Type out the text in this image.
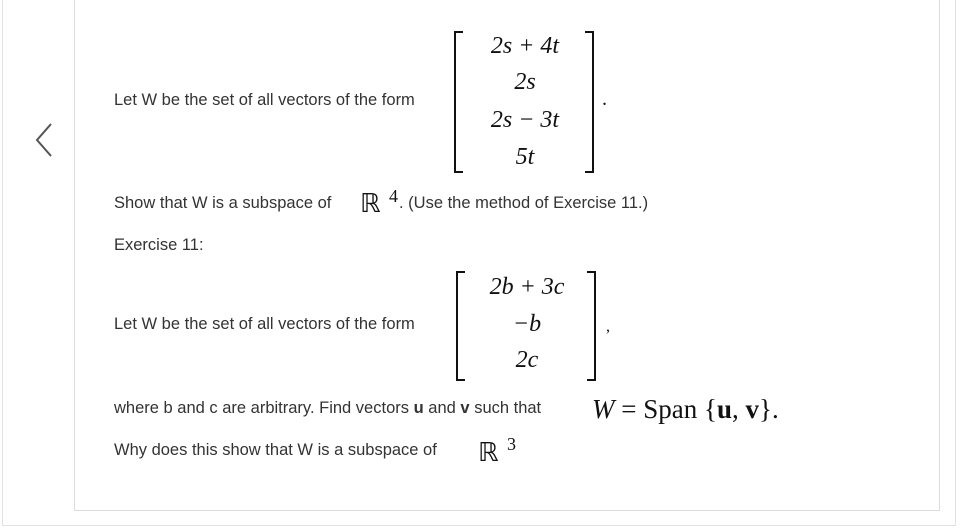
Let W be the set of all vectors of the form
2s + 4t
2s
2s − 3t
5t
.
Show that W is a subspace of ℝ 4 . (Use the method of Exercise 11.)
Exercise 11:
Let W be the set of all vectors of the form
2b + 3c
−b
2c
,
where b and c are arbitrary. Find vectors u and v such that W = Span {u, v}.
Why does this show that W is a subspace of ℝ 3
